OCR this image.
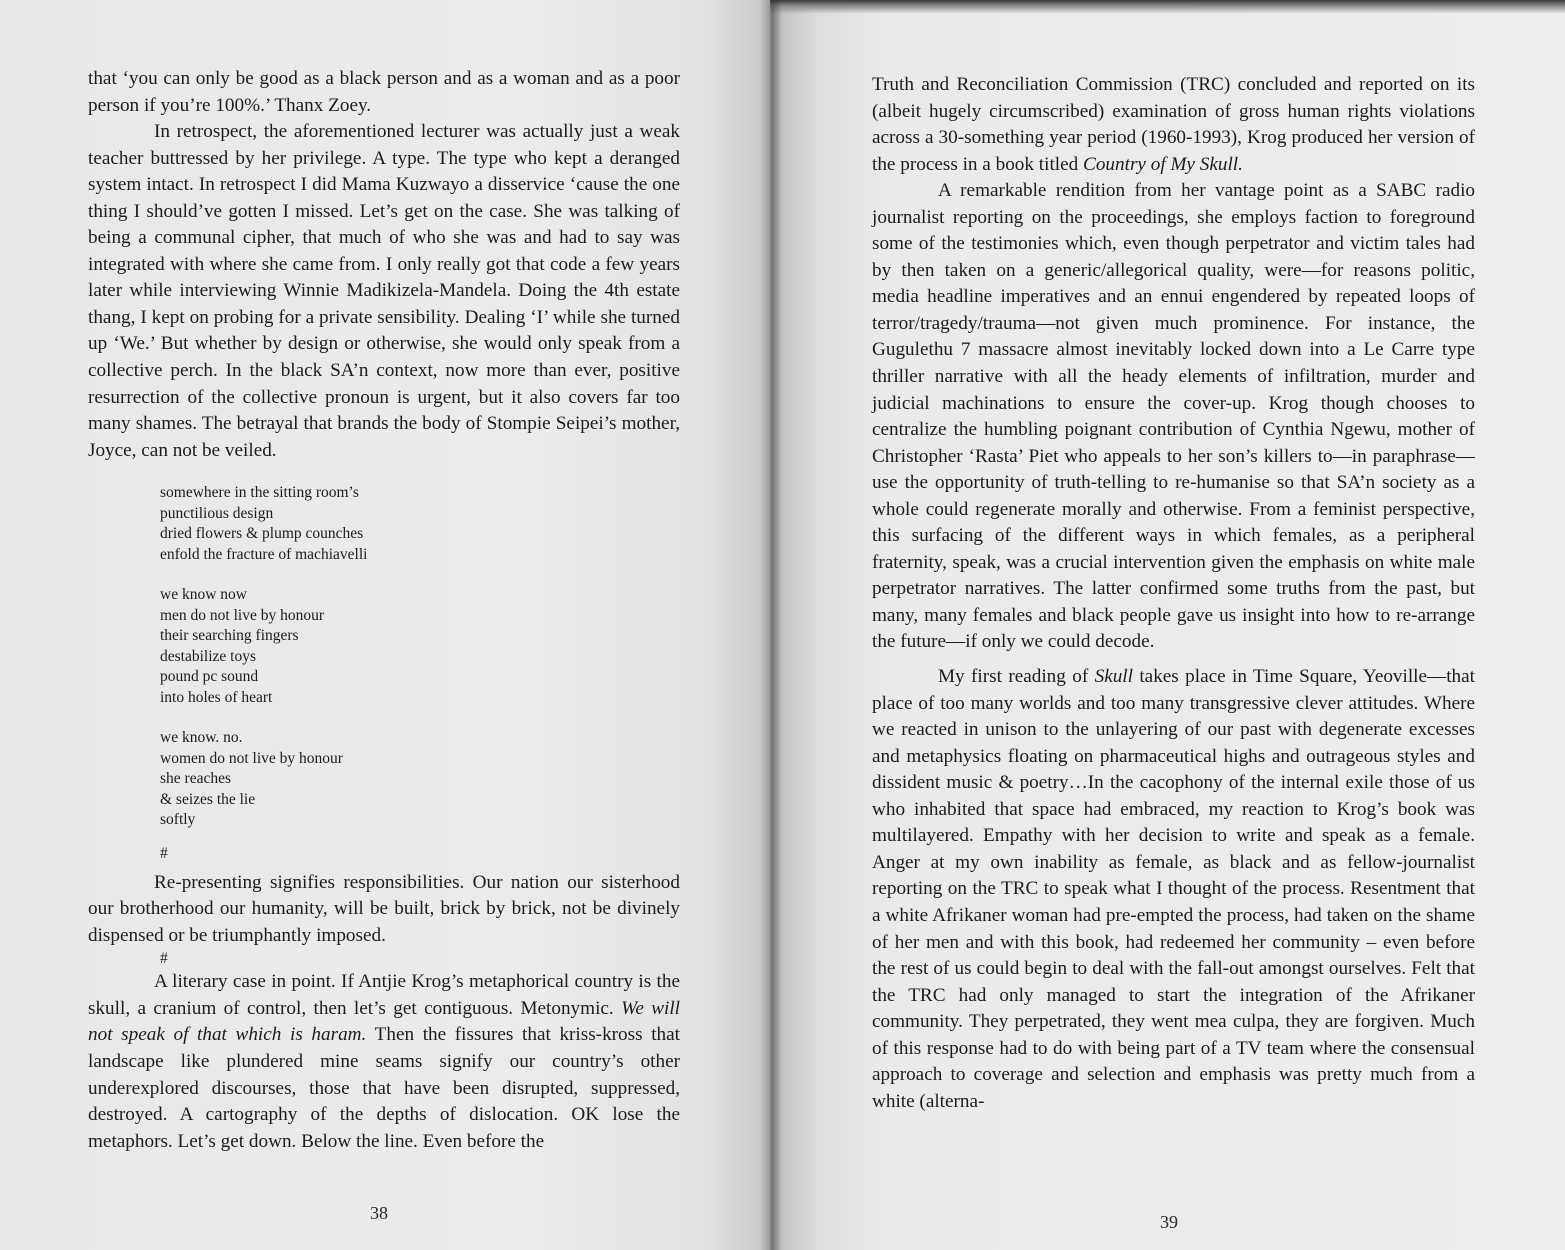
that ‘you can only be good as a black person and as a woman and as a poor person if you’re 100%.’ Thanx Zoey.

In retrospect, the aforementioned lecturer was actually just a weak teacher buttressed by her privilege. A type. The type who kept a deranged system intact. In retrospect I did Mama Kuzwayo a disservice ‘cause the one thing I should’ve gotten I missed. Let’s get on the case. She was talking of being a communal cipher, that much of who she was and had to say was integrated with where she came from. I only really got that code a few years later while interviewing Winnie Madikizela-Mandela. Doing the 4th estate thang, I kept on probing for a private sensibility. Dealing ‘I’ while she turned up ‘We.’ But whether by design or otherwise, she would only speak from a collective perch. In the black SA’n context, now more than ever, positive resurrection of the collective pronoun is urgent, but it also covers far too many shames. The betrayal that brands the body of Stompie Seipei’s mother, Joyce, can not be veiled.

somewhere in the sitting room’s
punctilious design
dried flowers & plump counches
enfold the fracture of machiavelli
we know now
men do not live by honour
their searching fingers
destabilize toys
pound pc sound
into holes of heart
we know. no.
women do not live by honour
she reaches
& seizes the lie
softly
#

Re-presenting signifies responsibilities. Our nation our sisterhood our brotherhood our humanity, will be built, brick by brick, not be divinely dispensed or be triumphantly imposed.

#

A literary case in point. If Antjie Krog’s metaphorical country is the skull, a cranium of control, then let’s get contiguous. Metonymic. We will not speak of that which is haram. Then the fissures that kriss-kross that landscape like plundered mine seams signify our country’s other underexplored discourses, those that have been disrupted, suppressed, destroyed. A cartography of the depths of dislocation. OK lose the metaphors. Let’s get down. Below the line. Even before the

38

Truth and Reconciliation Commission (TRC) concluded and reported on its (albeit hugely circumscribed) examination of gross human rights violations across a 30-something year period (1960-1993), Krog produced her version of the process in a book titled Country of My Skull.

A remarkable rendition from her vantage point as a SABC radio journalist reporting on the proceedings, she employs faction to foreground some of the testimonies which, even though perpetrator and victim tales had by then taken on a generic/allegorical quality, were—for reasons politic, media headline imperatives and an ennui engendered by repeated loops of terror/tragedy/trauma—not given much prominence. For instance, the Gugulethu 7 massacre almost inevitably locked down into a Le Carre type thriller narrative with all the heady elements of infiltration, murder and judicial machinations to ensure the cover-up. Krog though chooses to centralize the humbling poignant contribution of Cynthia Ngewu, mother of Christopher ‘Rasta’ Piet who appeals to her son’s killers to—in paraphrase—use the opportunity of truth-telling to re-humanise so that SA’n society as a whole could regenerate morally and otherwise. From a feminist perspective, this surfacing of the different ways in which females, as a peripheral fraternity, speak, was a crucial intervention given the emphasis on white male perpetrator narratives. The latter confirmed some truths from the past, but many, many females and black people gave us insight into how to re-arrange the future—if only we could decode.

My first reading of Skull takes place in Time Square, Yeoville—that place of too many worlds and too many transgressive clever attitudes. Where we reacted in unison to the unlayering of our past with degenerate excesses and metaphysics floating on pharmaceutical highs and outrageous styles and dissident music & poetry…In the cacophony of the internal exile those of us who inhabited that space had embraced, my reaction to Krog’s book was multilayered. Empathy with her decision to write and speak as a female. Anger at my own inability as female, as black and as fellow-journalist reporting on the TRC to speak what I thought of the process. Resentment that a white Afrikaner woman had pre-empted the process, had taken on the shame of her men and with this book, had redeemed her community – even before the rest of us could begin to deal with the fall-out amongst ourselves. Felt that the TRC had only managed to start the integration of the Afrikaner community. They perpetrated, they went mea culpa, they are forgiven. Much of this response had to do with being part of a TV team where the consensual approach to coverage and selection and emphasis was pretty much from a white (alterna-

39
